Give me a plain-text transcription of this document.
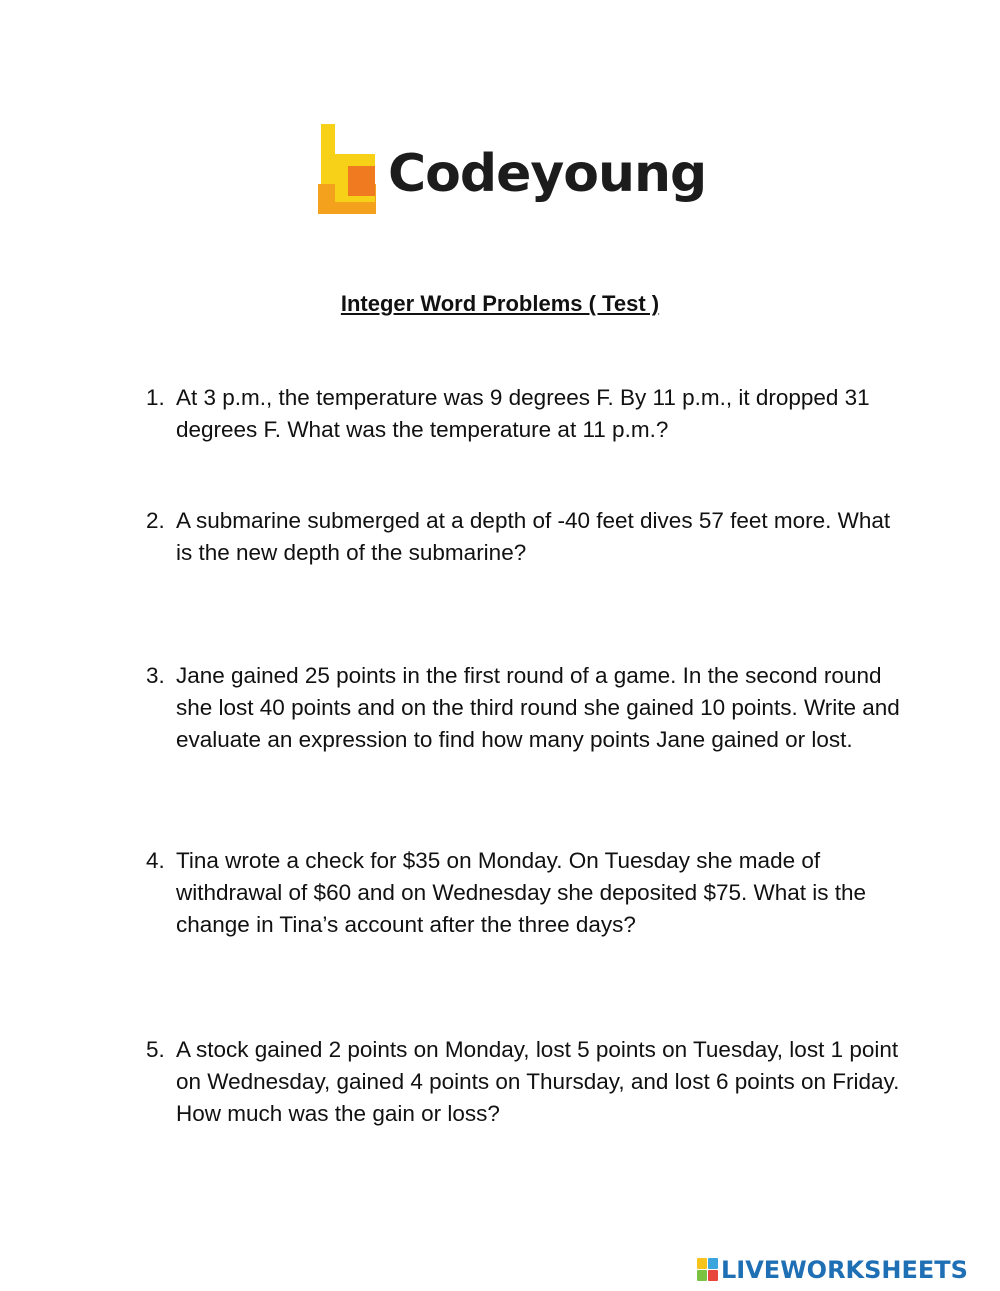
Codeyoung
Integer Word Problems ( Test )
1. At 3 p.m., the temperature was 9 degrees F. By 11 p.m., it dropped 31 degrees F. What was the temperature at 11 p.m.?
2. A submarine submerged at a depth of -40 feet dives 57 feet more. What is the new depth of the submarine?
3. Jane gained 25 points in the first round of a game. In the second round she lost 40 points and on the third round she gained 10 points. Write and evaluate an expression to find how many points Jane gained or lost.
4. Tina wrote a check for $35 on Monday. On Tuesday she made of withdrawal of $60 and on Wednesday she deposited $75. What is the change in Tina’s account after the three days?
5. A stock gained 2 points on Monday, lost 5 points on Tuesday, lost 1 point on Wednesday, gained 4 points on Thursday, and lost 6 points on Friday. How much was the gain or loss?
LIVEWORKSHEETS
